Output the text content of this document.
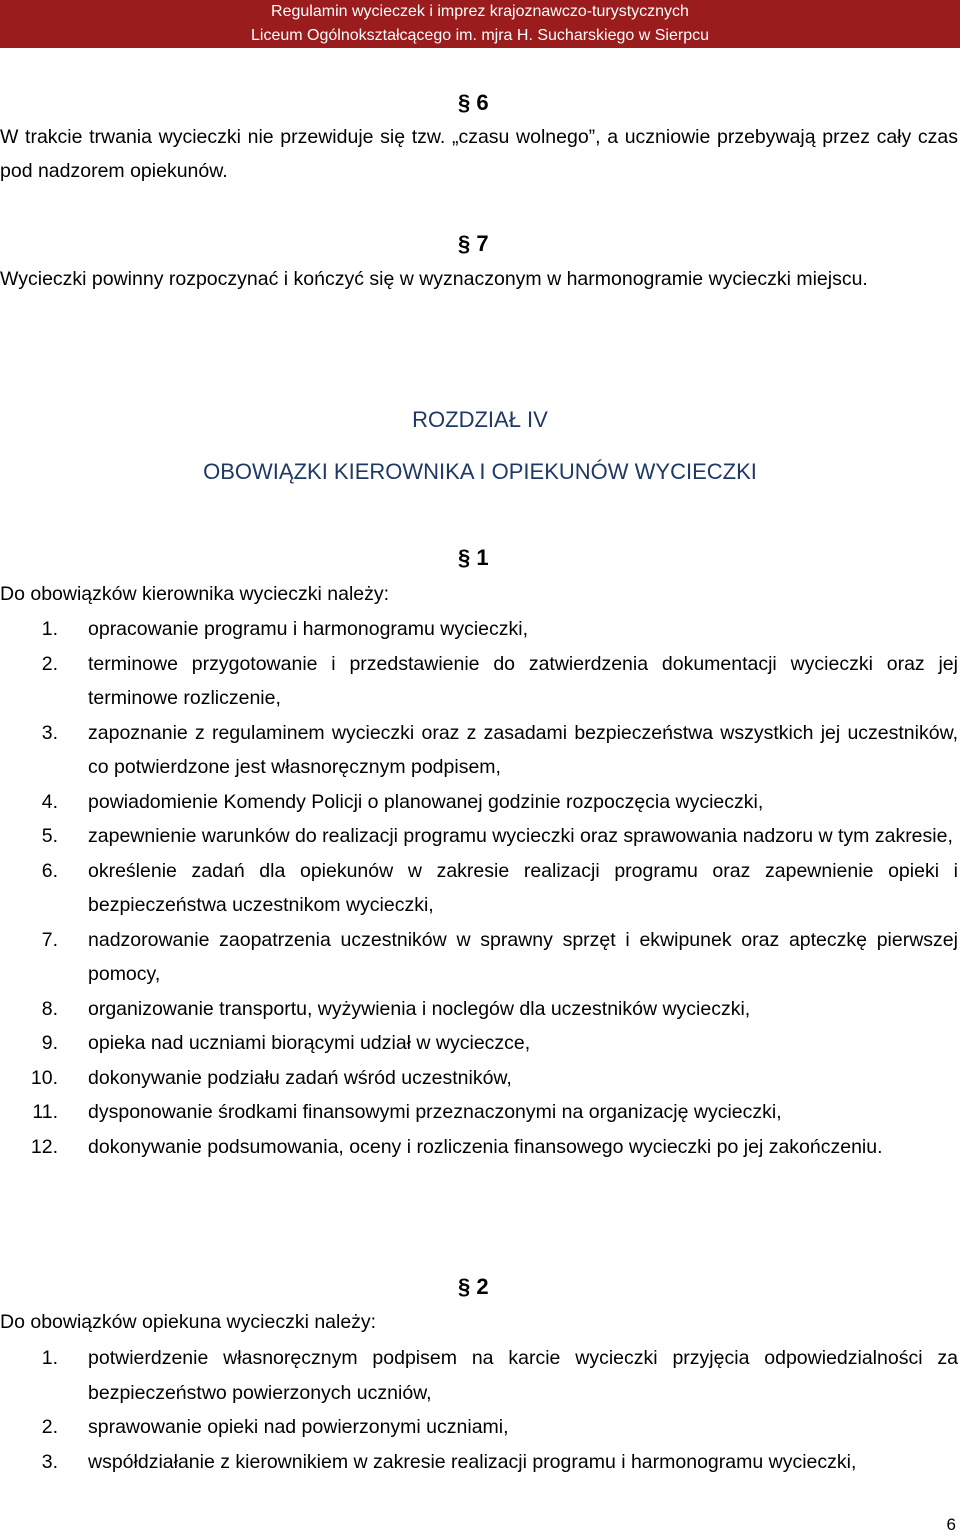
Regulamin wycieczek i imprez krajoznawczo-turystycznych
Liceum Ogólnokształcącego im. mjra H. Sucharskiego w Sierpcu
§ 6
W trakcie trwania wycieczki nie przewiduje się tzw. „czasu wolnego”, a uczniowie przebywają przez cały czas pod nadzorem opiekunów.
§ 7
Wycieczki powinny rozpoczynać i kończyć się w wyznaczonym w harmonogramie wycieczki miejscu.
ROZDZIAŁ IV
OBOWIĄZKI KIEROWNIKA I OPIEKUNÓW WYCIECZKI
§ 1
Do obowiązków kierownika wycieczki należy:
1. opracowanie programu i harmonogramu wycieczki,
2. terminowe przygotowanie i przedstawienie do zatwierdzenia dokumentacji wycieczki oraz jej terminowe rozliczenie,
3. zapoznanie z regulaminem wycieczki oraz z zasadami bezpieczeństwa wszystkich jej uczestników, co potwierdzone jest własnoręcznym podpisem,
4. powiadomienie Komendy Policji o planowanej godzinie rozpoczęcia wycieczki,
5. zapewnienie warunków do realizacji programu wycieczki oraz sprawowania nadzoru w tym zakresie,
6. określenie zadań dla opiekunów w zakresie realizacji programu oraz zapewnienie opieki i bezpieczeństwa uczestnikom wycieczki,
7. nadzorowanie zaopatrzenia uczestników w sprawny sprzęt i ekwipunek oraz apteczkę pierwszej pomocy,
8. organizowanie transportu, wyżywienia i noclegów dla uczestników wycieczki,
9. opieka nad uczniami biorącymi udział w wycieczce,
10. dokonywanie podziału zadań wśród uczestników,
11. dysponowanie środkami finansowymi przeznaczonymi na organizację wycieczki,
12. dokonywanie podsumowania, oceny i rozliczenia finansowego wycieczki po jej zakończeniu.
§ 2
Do obowiązków opiekuna wycieczki należy:
1. potwierdzenie własnoręcznym podpisem na karcie wycieczki przyjęcia odpowiedzialności za bezpieczeństwo powierzonych uczniów,
2. sprawowanie opieki nad powierzonymi uczniami,
3. współdziałanie z kierownikiem w zakresie realizacji programu i harmonogramu wycieczki,
6
